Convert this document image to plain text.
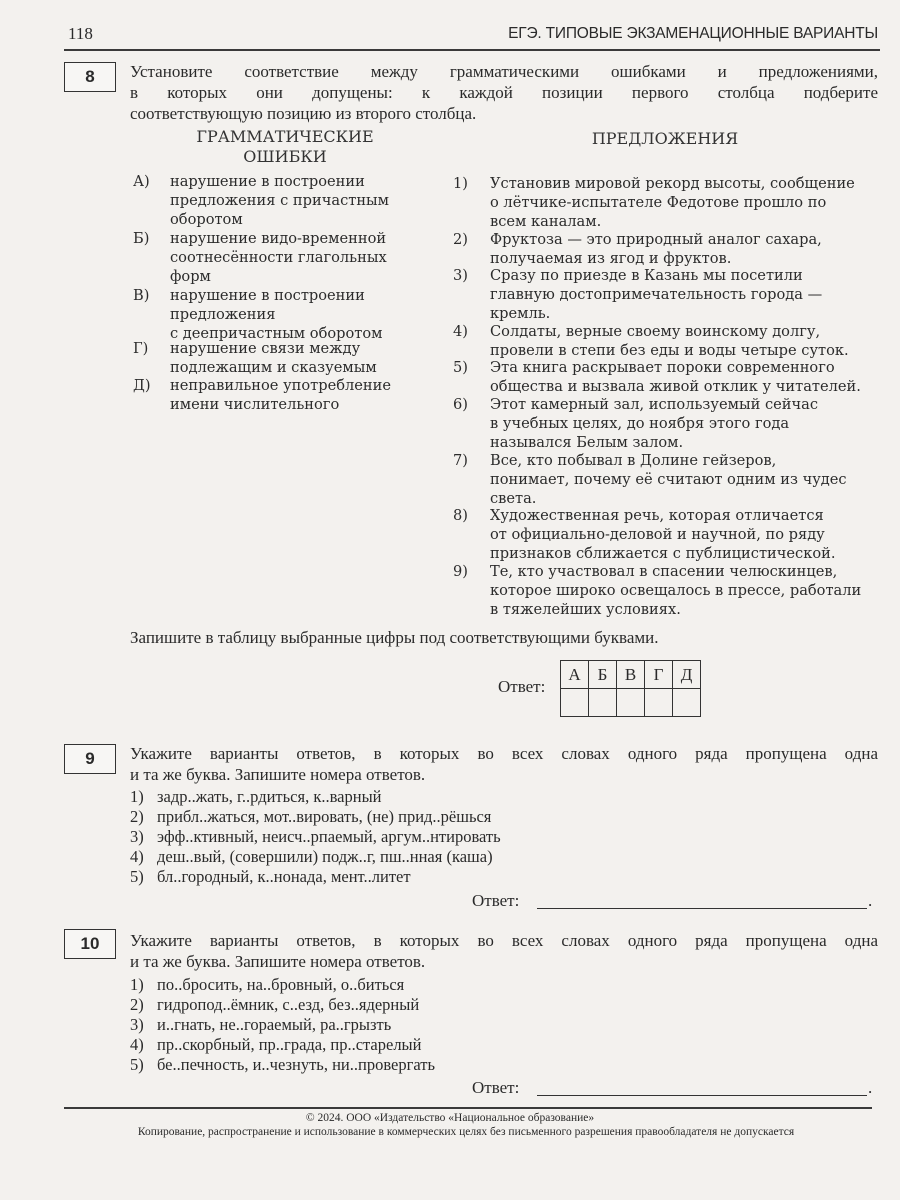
118	ЕГЭ. ТИПОВЫЕ ЭКЗАМЕНАЦИОННЫЕ ВАРИАНТЫ
8	Установите соответствие между грамматическими ошибками и предложениями,
в которых они допущены: к каждой позиции первого столбца подберите
соответствующую позицию из второго столбца.
ГРАММАТИЧЕСКИЕ
ОШИБКИ
ПРЕДЛОЖЕНИЯ
А) нарушение в построении
предложения с причастным
оборотом
Б) нарушение видо-временной
соотнесённости глагольных
форм
В) нарушение в построении
предложения
с деепричастным оборотом
Г) нарушение связи между
подлежащим и сказуемым
Д) неправильное употребление
имени числительного
1) Установив мировой рекорд высоты, сообщение
о лётчике-испытателе Федотове прошло по
всем каналам.
2) Фруктоза — это природный аналог сахара,
получаемая из ягод и фруктов.
3) Сразу по приезде в Казань мы посетили
главную достопримечательность города —
кремль.
4) Солдаты, верные своему воинскому долгу,
провели в степи без еды и воды четыре суток.
5) Эта книга раскрывает пороки современного
общества и вызвала живой отклик у читателей.
6) Этот камерный зал, используемый сейчас
в учебных целях, до ноября этого года
назывался Белым залом.
7) Все, кто побывал в Долине гейзеров,
понимает, почему её считают одним из чудес
света.
8) Художественная речь, которая отличается
от официально-деловой и научной, по ряду
признаков сближается с публицистической.
9) Те, кто участвовал в спасении челюскинцев,
которое широко освещалось в прессе, работали
в тяжелейших условиях.
Запишите в таблицу выбранные цифры под соответствующими буквами.
Ответ:
А	Б	В	Г	Д

9	Укажите варианты ответов, в которых во всех словах одного ряда пропущена одна
и та же буква. Запишите номера ответов.
1) задр..жать, г..рдиться, к..варный
2) прибл..жаться, мот..вировать, (не) прид..рёшься
3) эфф..ктивный, неисч..рпаемый, аргум..нтировать
4) деш..вый, (совершили) подж..г, пш..нная (каша)
5) бл..городный, к..нонада, мент..литет
Ответ:	.
10	Укажите варианты ответов, в которых во всех словах одного ряда пропущена одна
и та же буква. Запишите номера ответов.
1) по..бросить, на..бровный, о..биться
2) гидропод..ёмник, с..езд, без..ядерный
3) и..гнать, не..гораемый, ра..грызть
4) пр..скорбный, пр..града, пр..старелый
5) бе..печность, и..чезнуть, ни..провергать
Ответ:	.
© 2024. ООО «Издательство «Национальное образование»
Копирование, распространение и использование в коммерческих целях без письменного разрешения правообладателя не допускается
